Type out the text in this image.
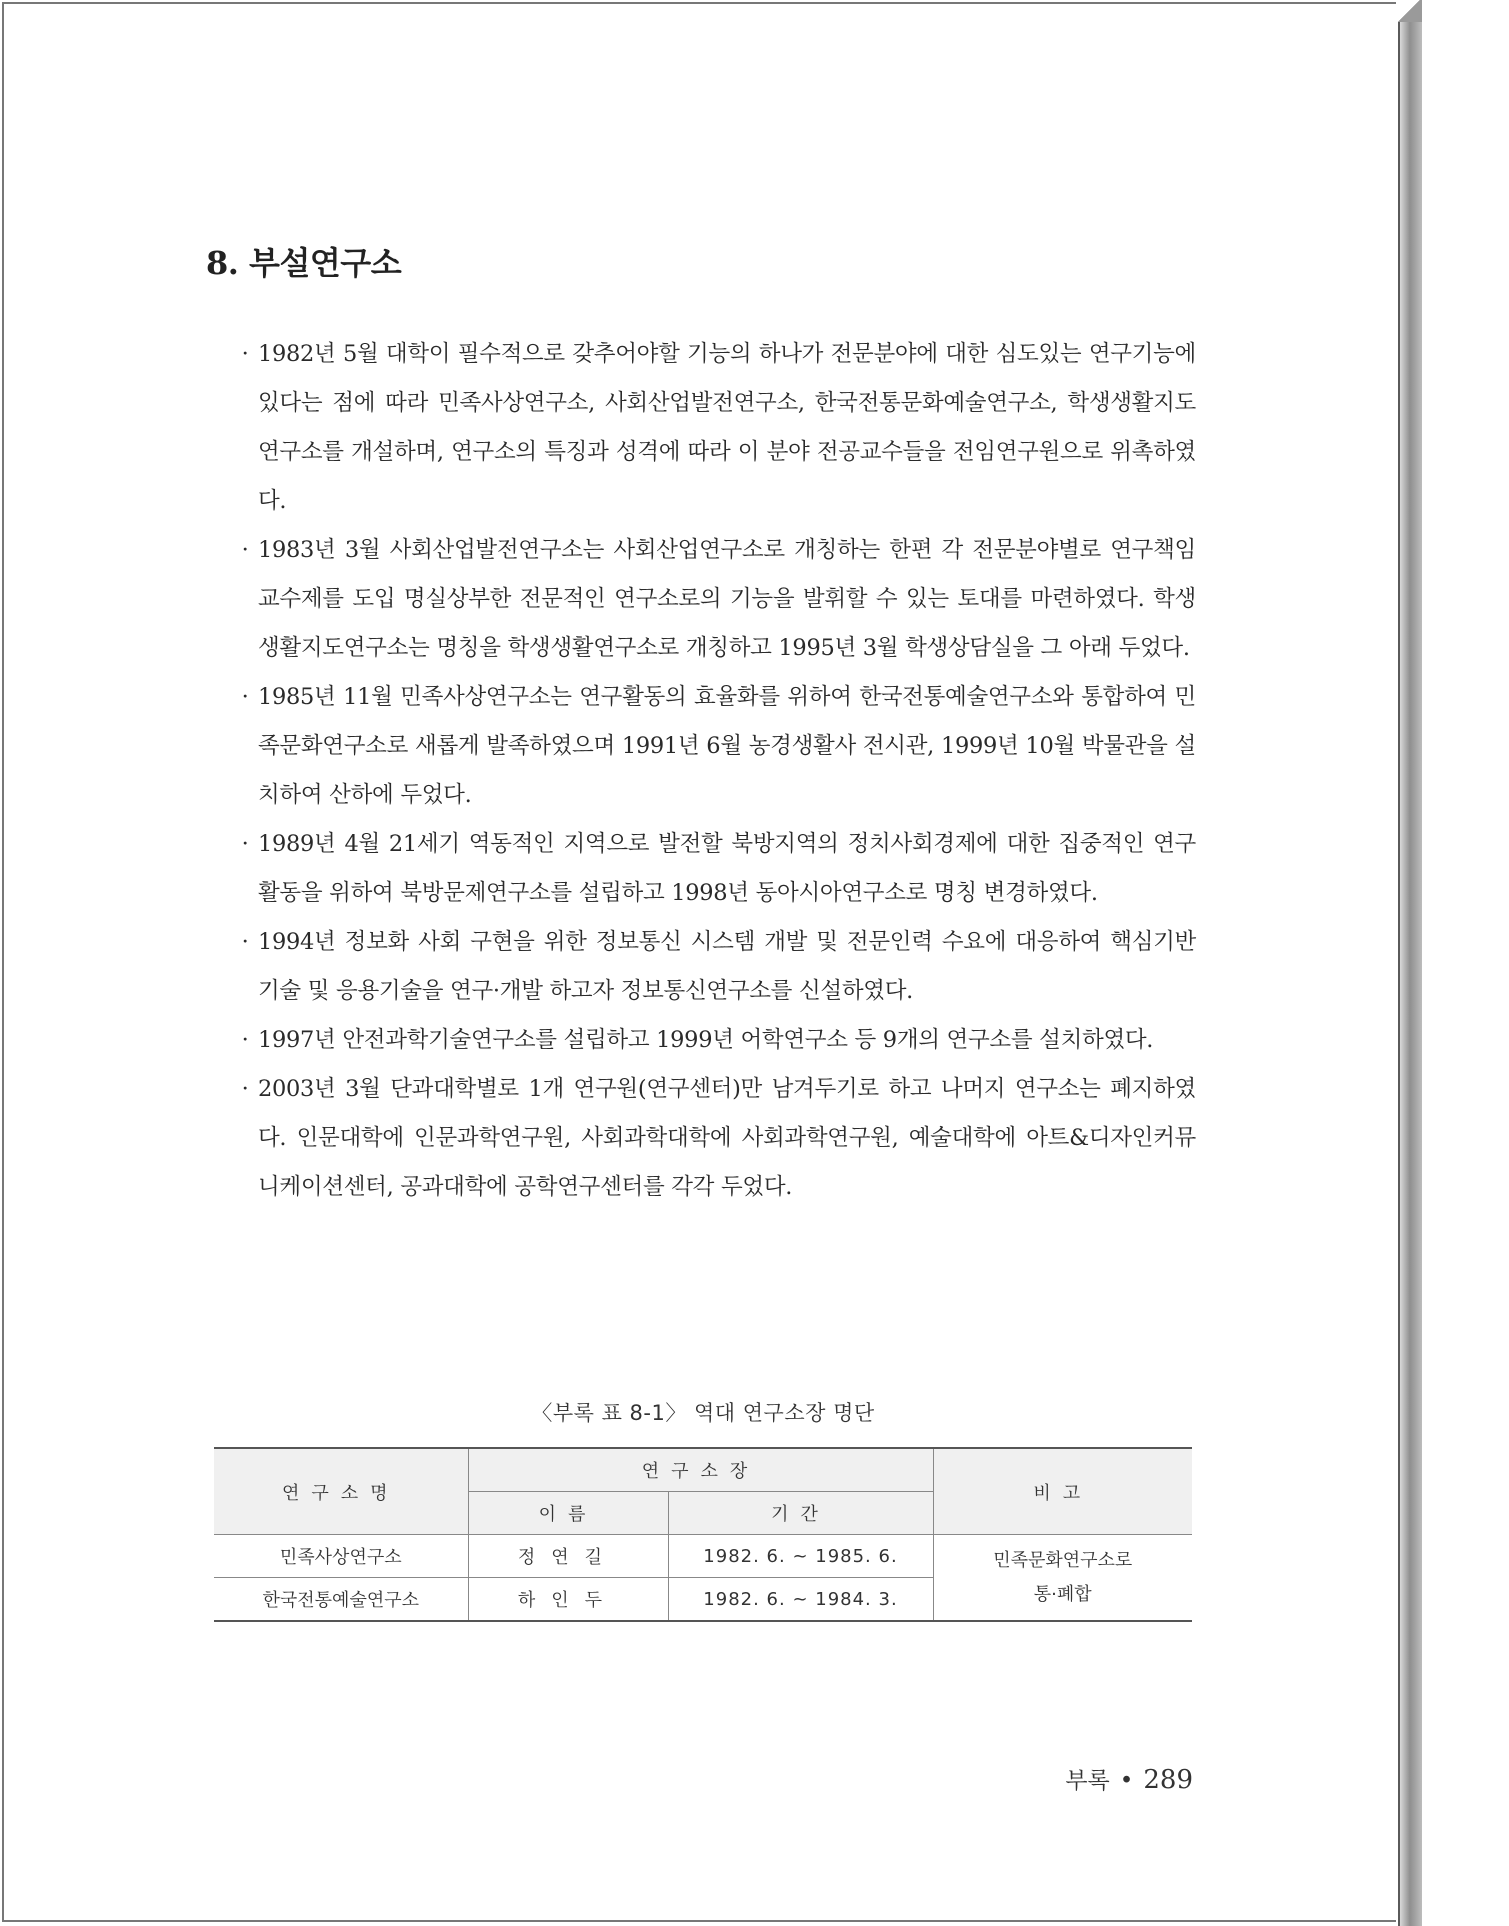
8. 부설연구소

· 1982년 5월 대학이 필수적으로 갖추어야할 기능의 하나가 전문분야에 대한 심도있는 연구기능에 있다는 점에 따라 민족사상연구소, 사회산업발전연구소, 한국전통문화예술연구소, 학생생활지도연구소를 개설하며, 연구소의 특징과 성격에 따라 이 분야 전공교수들을 전임연구원으로 위촉하였다.

· 1983년 3월 사회산업발전연구소는 사회산업연구소로 개칭하는 한편 각 전문분야별로 연구책임교수제를 도입 명실상부한 전문적인 연구소로의 기능을 발휘할 수 있는 토대를 마련하였다. 학생생활지도연구소는 명칭을 학생생활연구소로 개칭하고 1995년 3월 학생상담실을 그 아래 두었다.

· 1985년 11월 민족사상연구소는 연구활동의 효율화를 위하여 한국전통예술연구소와 통합하여 민족문화연구소로 새롭게 발족하였으며 1991년 6월 농경생활사 전시관, 1999년 10월 박물관을 설치하여 산하에 두었다.

· 1989년 4월 21세기 역동적인 지역으로 발전할 북방지역의 정치사회경제에 대한 집중적인 연구활동을 위하여 북방문제연구소를 설립하고 1998년 동아시아연구소로 명칭 변경하였다.

· 1994년 정보화 사회 구현을 위한 정보통신 시스템 개발 및 전문인력 수요에 대응하여 핵심기반 기술 및 응용기술을 연구·개발 하고자 정보통신연구소를 신설하였다.

· 1997년 안전과학기술연구소를 설립하고 1999년 어학연구소 등 9개의 연구소를 설치하였다.

· 2003년 3월 단과대학별로 1개 연구원(연구센터)만 남겨두기로 하고 나머지 연구소는 폐지하였다. 인문대학에 인문과학연구원, 사회과학대학에 사회과학연구원, 예술대학에 아트&디자인커뮤니케이션센터, 공과대학에 공학연구센터를 각각 두었다.

〈부록 표 8-1〉 역대 연구소장 명단
연구소명	연구소장		비고
	이름	기간	
민족사상연구소	정연길	1982. 6. ~ 1985. 6.	민족문화연구소로
통·폐합

한국전통예술연구소	하인두	1982. 6. ~ 1984. 3.	
부록 • 289
